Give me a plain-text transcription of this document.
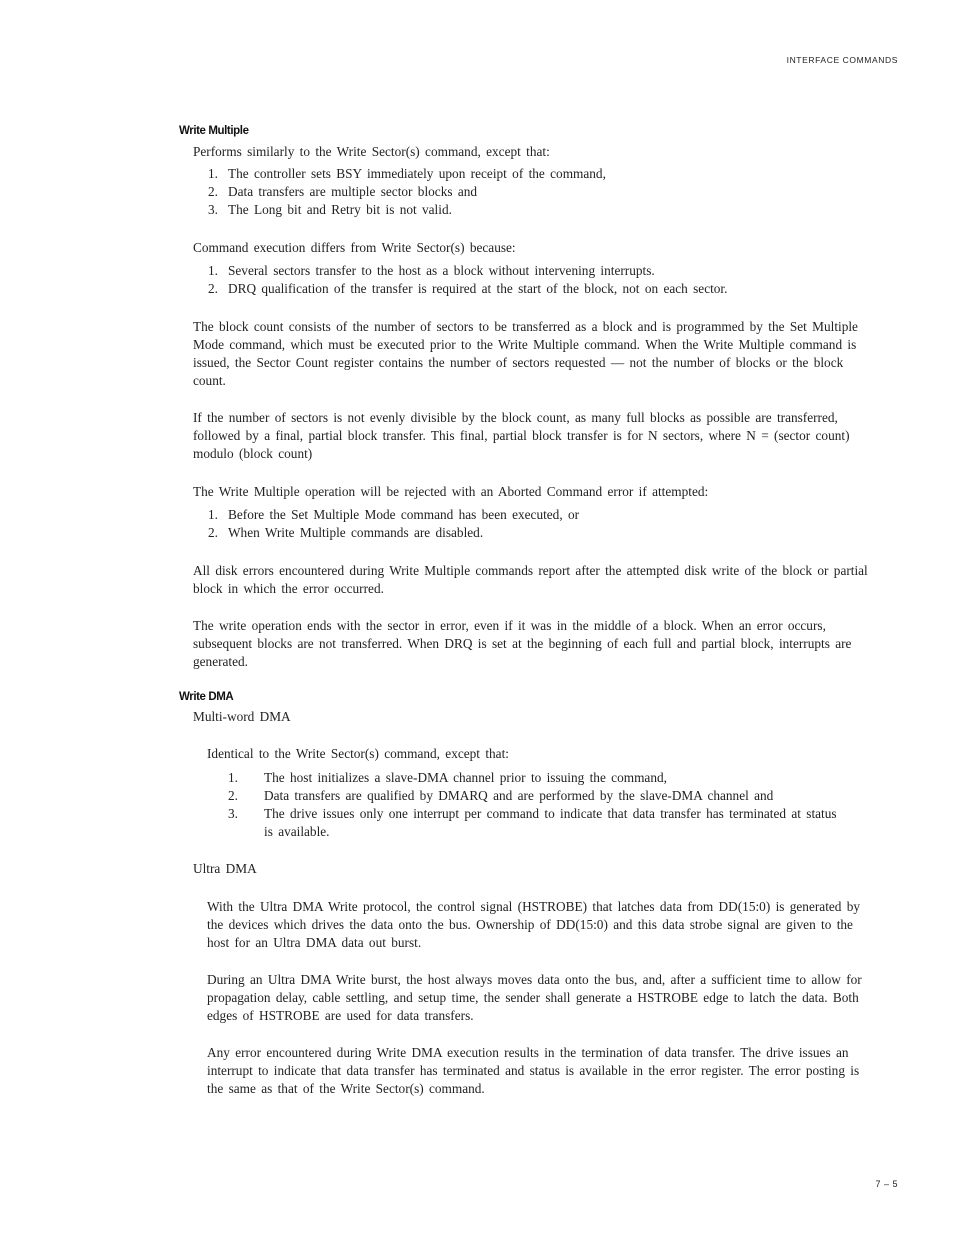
INTERFACE COMMANDS
Write Multiple

Performs similarly to the Write Sector(s) command, except that:

1. The controller sets BSY immediately upon receipt of the command,
2. Data transfers are multiple sector blocks and
3. The Long bit and Retry bit is not valid.

Command execution differs from Write Sector(s) because:

1. Several sectors transfer to the host as a block without intervening interrupts.
2. DRQ qualification of the transfer is required at the start of the block, not on each sector.

The block count consists of the number of sectors to be transferred as a block and is programmed by the Set Multiple Mode command, which must be executed prior to the Write Multiple command. When the Write Multiple command is issued, the Sector Count register contains the number of sectors requested — not the number of blocks or the block count.

If the number of sectors is not evenly divisible by the block count, as many full blocks as possible are transferred, followed by a final, partial block transfer. This final, partial block transfer is for N sectors, where N = (sector count) modulo (block count)

The Write Multiple operation will be rejected with an Aborted Command error if attempted:

1. Before the Set Multiple Mode command has been executed, or
2. When Write Multiple commands are disabled.

All disk errors encountered during Write Multiple commands report after the attempted disk write of the block or partial block in which the error occurred.

The write operation ends with the sector in error, even if it was in the middle of a block. When an error occurs, subsequent blocks are not transferred. When DRQ is set at the beginning of each full and partial block, interrupts are generated.

Write DMA

Multi-word DMA

Identical to the Write Sector(s) command, except that:

1. The host initializes a slave-DMA channel prior to issuing the command,
2. Data transfers are qualified by DMARQ and are performed by the slave-DMA channel and
3. The drive issues only one interrupt per command to indicate that data transfer has terminated at status is available.

Ultra DMA

With the Ultra DMA Write protocol, the control signal (HSTROBE) that latches data from DD(15:0) is generated by the devices which drives the data onto the bus. Ownership of DD(15:0) and this data strobe signal are given to the host for an Ultra DMA data out burst.

During an Ultra DMA Write burst, the host always moves data onto the bus, and, after a sufficient time to allow for propagation delay, cable settling, and setup time, the sender shall generate a HSTROBE edge to latch the data. Both edges of HSTROBE are used for data transfers.

Any error encountered during Write DMA execution results in the termination of data transfer. The drive issues an interrupt to indicate that data transfer has terminated and status is available in the error register. The error posting is the same as that of the Write Sector(s) command.

7 – 5
